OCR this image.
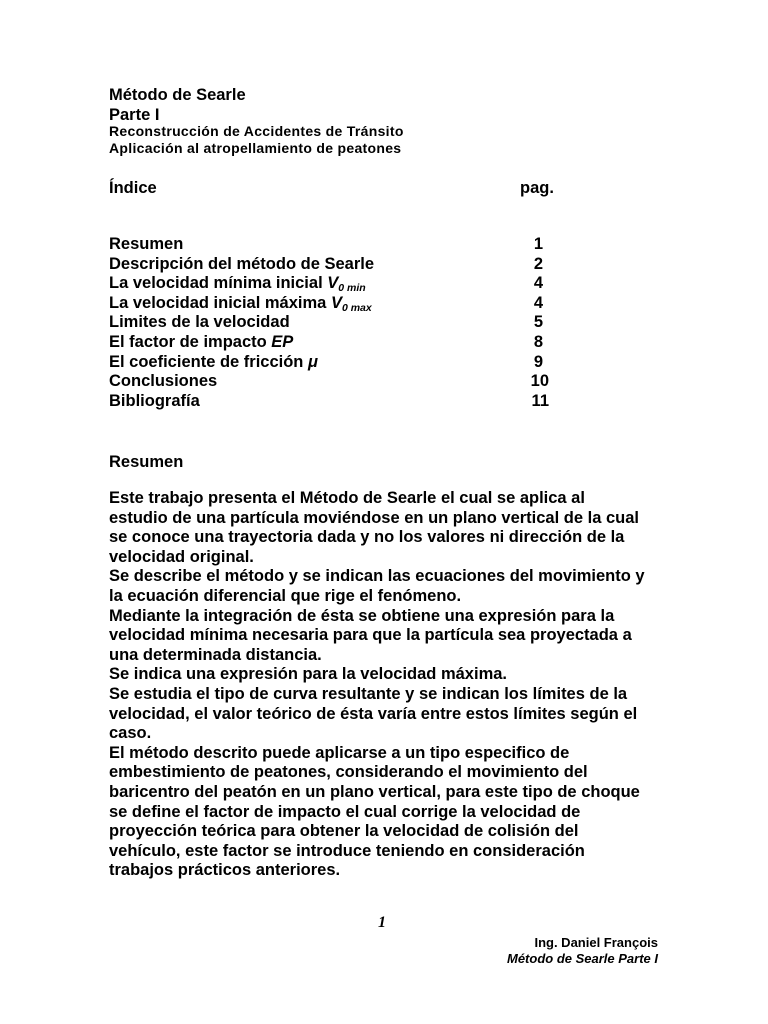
Método de Searle
Parte I
Reconstrucción de Accidentes de Tránsito
Aplicación al atropellamiento de peatones
Índice	pag.
Resumen	1
Descripción del método de Searle	2
La velocidad mínima inicial $V_{0 min}$	4
La velocidad inicial máxima $V_{0 max}$	4
Limites de la velocidad	5
El factor de impacto EP	8
El coeficiente de fricción μ	9
Conclusiones	10
Bibliografía	11
Resumen
Este trabajo presenta el Método de Searle el cual se aplica al
estudio de una partícula moviéndose en un plano vertical de la cual
se conoce una trayectoria dada y no los valores ni dirección de la
velocidad original.
Se describe el método y se indican las ecuaciones del movimiento y
la ecuación diferencial que rige el fenómeno.
Mediante la integración de ésta se obtiene una expresión para la
velocidad mínima necesaria para que la partícula sea proyectada a
una determinada distancia.
Se indica una expresión para la velocidad máxima.
Se estudia el tipo de curva resultante y se indican los límites de la
velocidad, el valor teórico de ésta varía entre estos límites según el
caso.
El método descrito puede aplicarse a un tipo especifico de
embestimiento de peatones, considerando el movimiento del
baricentro del peatón en un plano vertical, para este tipo de choque
se define el factor de impacto el cual corrige la velocidad de
proyección teórica para obtener la velocidad de colisión del
vehículo, este factor se introduce teniendo en consideración
trabajos prácticos anteriores.
1
Ing. Daniel François
Método de Searle Parte I
